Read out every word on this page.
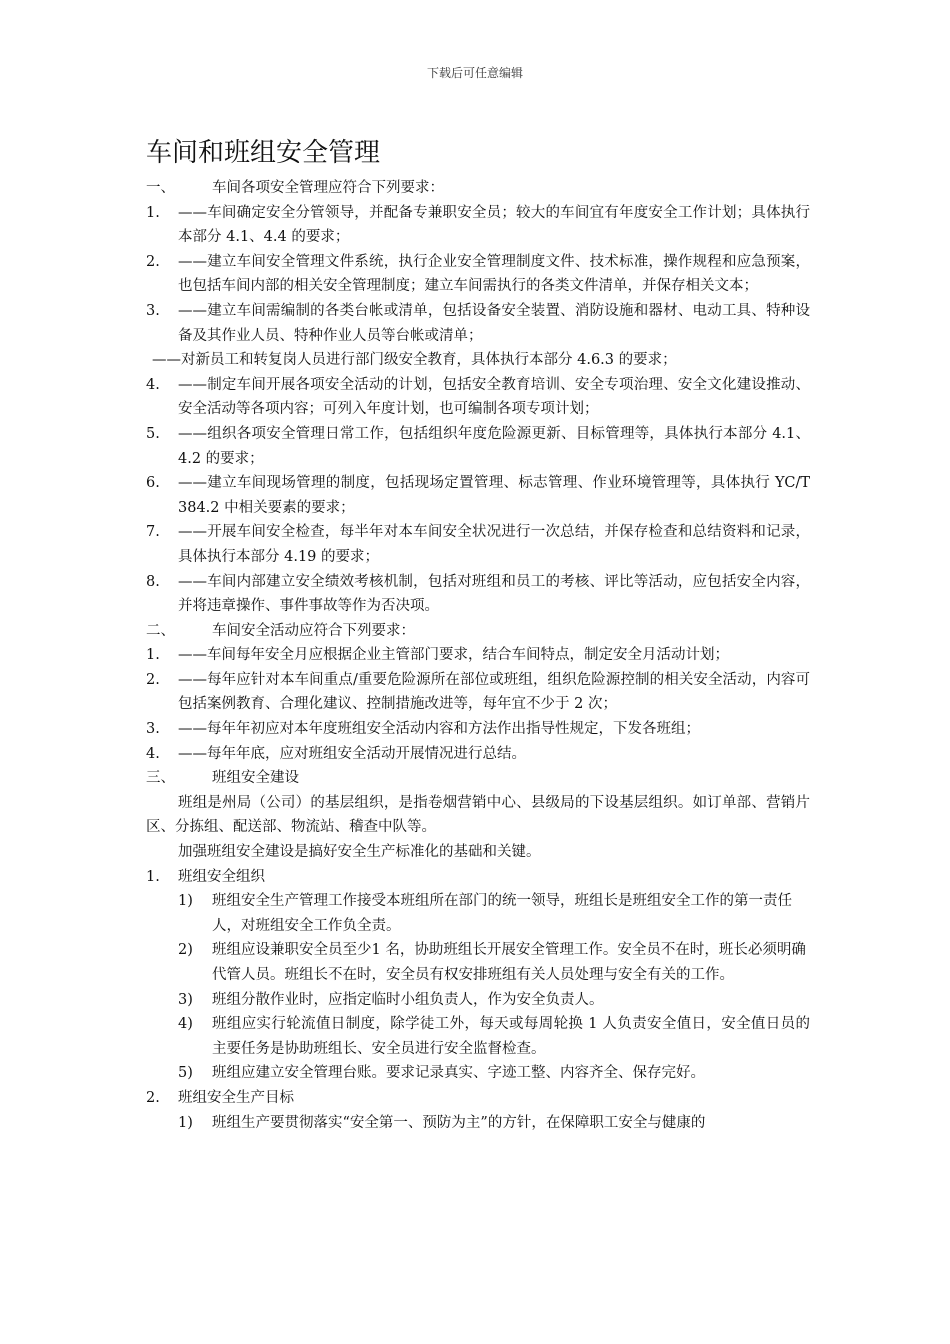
下载后可任意编辑
车间和班组安全管理
一、	车间各项安全管理应符合下列要求：
1.	——车间确定安全分管领导，并配备专兼职安全员；较大的车间宜有年度安全工作计划；具体执行本部分 4.1、4.4 的要求；
2.	——建立车间安全管理文件系统，执行企业安全管理制度文件、技术标准，操作规程和应急预案，也包括车间内部的相关安全管理制度；建立车间需执行的各类文件清单，并保存相关文本；
3.	——建立车间需编制的各类台帐或清单，包括设备安全装置、消防设施和器材、电动工具、特种设备及其作业人员、特种作业人员等台帐或清单；
——对新员工和转复岗人员进行部门级安全教育，具体执行本部分 4.6.3 的要求；
4.	——制定车间开展各项安全活动的计划，包括安全教育培训、安全专项治理、安全文化建设推动、安全活动等各项内容；可列入年度计划，也可编制各项专项计划；
5.	——组织各项安全管理日常工作，包括组织年度危险源更新、目标管理等，具体执行本部分 4.1、4.2 的要求；
6.	——建立车间现场管理的制度，包括现场定置管理、标志管理、作业环境管理等，具体执行 YC/T 384.2 中相关要素的要求；
7.	——开展车间安全检查，每半年对本车间安全状况进行一次总结，并保存检查和总结资料和记录，具体执行本部分 4.19 的要求；
8.	——车间内部建立安全绩效考核机制，包括对班组和员工的考核、评比等活动，应包括安全内容，并将违章操作、事件事故等作为否决项。
二、	车间安全活动应符合下列要求：
1.	——车间每年安全月应根据企业主管部门要求，结合车间特点，制定安全月活动计划；
2.	——每年应针对本车间重点/重要危险源所在部位或班组，组织危险源控制的相关安全活动，内容可包括案例教育、合理化建议、控制措施改进等，每年宜不少于 2 次；
3.	——每年年初应对本年度班组安全活动内容和方法作出指导性规定，下发各班组；
4.	——每年年底，应对班组安全活动开展情况进行总结。
三、	班组安全建设
班组是州局（公司）的基层组织，是指卷烟营销中心、县级局的下设基层组织。如订单部、营销片区、分拣组、配送部、物流站、稽查中队等。
加强班组安全建设是搞好安全生产标准化的基础和关键。
1.	班组安全组织
1)	班组安全生产管理工作接受本班组所在部门的统一领导，班组长是班组安全工作的第一责任人，对班组安全工作负全责。
2)	班组应设兼职安全员至少1 名，协助班组长开展安全管理工作。安全员不在时，班长必须明确代管人员。班组长不在时，安全员有权安排班组有关人员处理与安全有关的工作。
3)	班组分散作业时，应指定临时小组负责人，作为安全负责人。
4)	班组应实行轮流值日制度，除学徒工外，每天或每周轮换 1 人负责安全值日，安全值日员的主要任务是协助班组长、安全员进行安全监督检查。
5)	班组应建立安全管理台账。要求记录真实、字迹工整、内容齐全、保存完好。
2.	班组安全生产目标
1)	班组生产要贯彻落实“安全第一、预防为主”的方针，在保障职工安全与健康的
